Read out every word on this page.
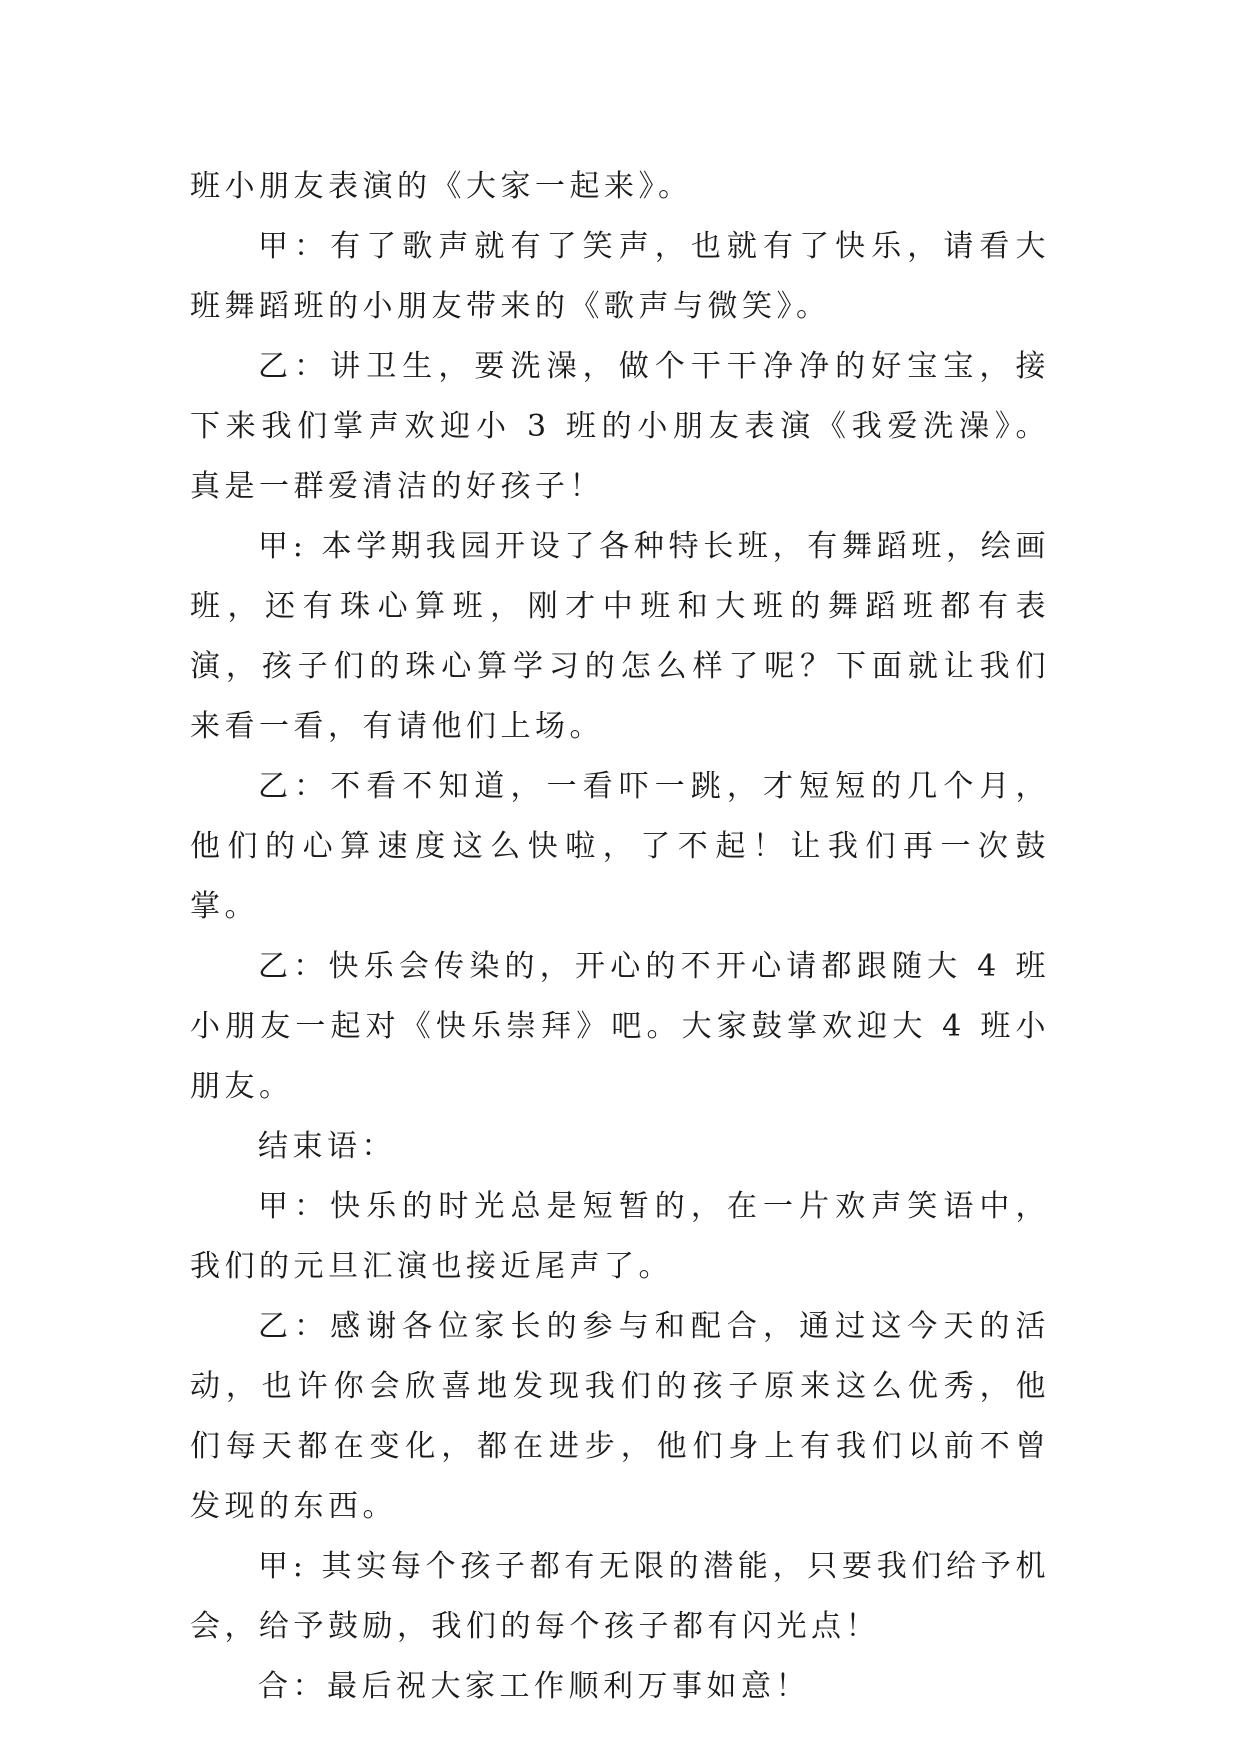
班小朋友表演的《大家一起来》。

甲：有了歌声就有了笑声，也就有了快乐，请看大班舞蹈班的小朋友带来的《歌声与微笑》。

乙：讲卫生，要洗澡，做个干干净净的好宝宝，接下来我们掌声欢迎小 3 班的小朋友表演《我爱洗澡》。真是一群爱清洁的好孩子！

甲: 本学期我园开设了各种特长班，有舞蹈班，绘画班，还有珠心算班，刚才中班和大班的舞蹈班都有表演，孩子们的珠心算学习的怎么样了呢？下面就让我们来看一看，有请他们上场。

乙：不看不知道，一看吓一跳，才短短的几个月，他们的心算速度这么快啦，了不起！让我们再一次鼓掌。

乙：快乐会传染的，开心的不开心请都跟随大 4 班小朋友一起对《快乐崇拜》吧。大家鼓掌欢迎大 4 班小朋友。

结束语：

甲：快乐的时光总是短暂的，在一片欢声笑语中，我们的元旦汇演也接近尾声了。

乙：感谢各位家长的参与和配合，通过这今天的活动，也许你会欣喜地发现我们的孩子原来这么优秀，他们每天都在变化，都在进步，他们身上有我们以前不曾发现的东西。

甲: 其实每个孩子都有无限的潜能，只要我们给予机会，给予鼓励，我们的每个孩子都有闪光点！

合：最后祝大家工作顺利万事如意！
